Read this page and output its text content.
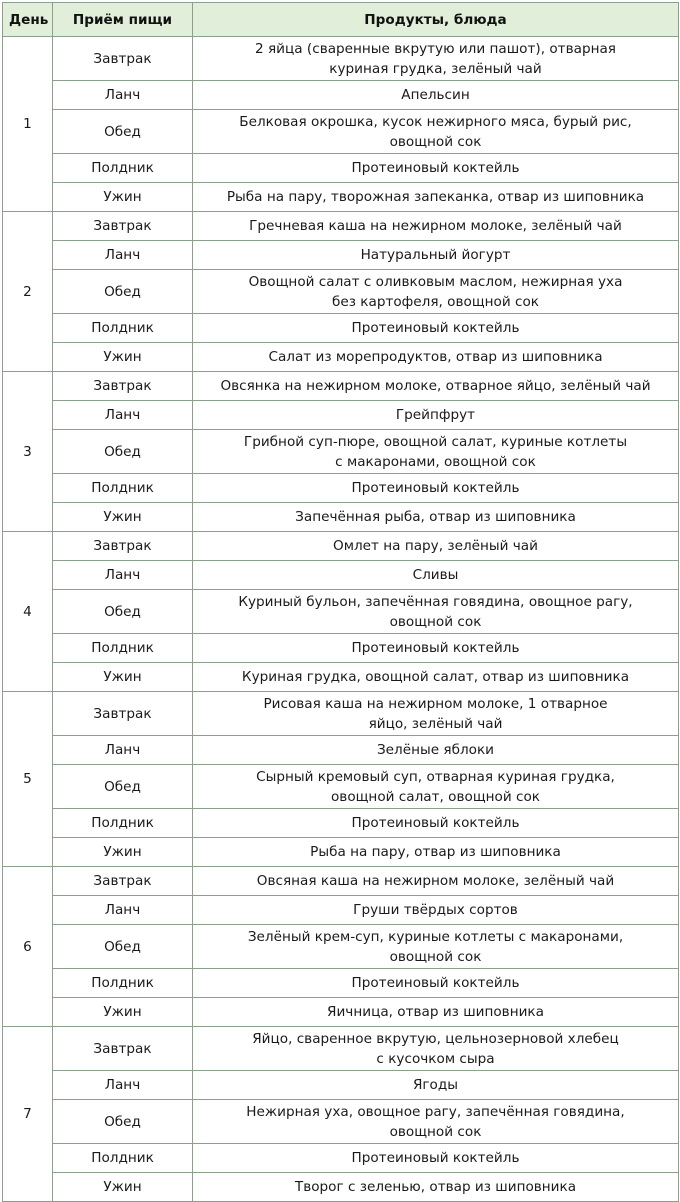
День	Приём пищи	Продукты, блюда
1	Завтрак	2 яйца (сваренные вкрутую или пашот), отварная
куриная грудка, зелёный чай

	Ланч	Апельсин

	Обед	Белковая окрошка, кусок нежирного мяса, бурый рис,
овощной сок

	Полдник	Протеиновый коктейль

	Ужин	Рыба на пару, творожная запеканка, отвар из шиповника

2	Завтрак	Гречневая каша на нежирном молоке, зелёный чай

	Ланч	Натуральный йогурт

	Обед	Овощной салат с оливковым маслом, нежирная уха
без картофеля, овощной сок

	Полдник	Протеиновый коктейль

	Ужин	Салат из морепродуктов, отвар из шиповника

3	Завтрак	Овсянка на нежирном молоке, отварное яйцо, зелёный чай

	Ланч	Грейпфрут

	Обед	Грибной суп-пюре, овощной салат, куриные котлеты
с макаронами, овощной сок

	Полдник	Протеиновый коктейль

	Ужин	Запечённая рыба, отвар из шиповника

4	Завтрак	Омлет на пару, зелёный чай

	Ланч	Сливы

	Обед	Куриный бульон, запечённая говядина, овощное рагу,
овощной сок

	Полдник	Протеиновый коктейль

	Ужин	Куриная грудка, овощной салат, отвар из шиповника

5	Завтрак	Рисовая каша на нежирном молоке, 1 отварное
яйцо, зелёный чай

	Ланч	Зелёные яблоки

	Обед	Сырный кремовый суп, отварная куриная грудка,
овощной салат, овощной сок

	Полдник	Протеиновый коктейль

	Ужин	Рыба на пару, отвар из шиповника

6	Завтрак	Овсяная каша на нежирном молоке, зелёный чай

	Ланч	Груши твёрдых сортов

	Обед	Зелёный крем-суп, куриные котлеты с макаронами,
овощной сок

	Полдник	Протеиновый коктейль

	Ужин	Яичница, отвар из шиповника

7	Завтрак	Яйцо, сваренное вкрутую, цельнозерновой хлебец
с кусочком сыра

	Ланч	Ягоды

	Обед	Нежирная уха, овощное рагу, запечённая говядина,
овощной сок

	Полдник	Протеиновый коктейль

	Ужин	Творог с зеленью, отвар из шиповника
